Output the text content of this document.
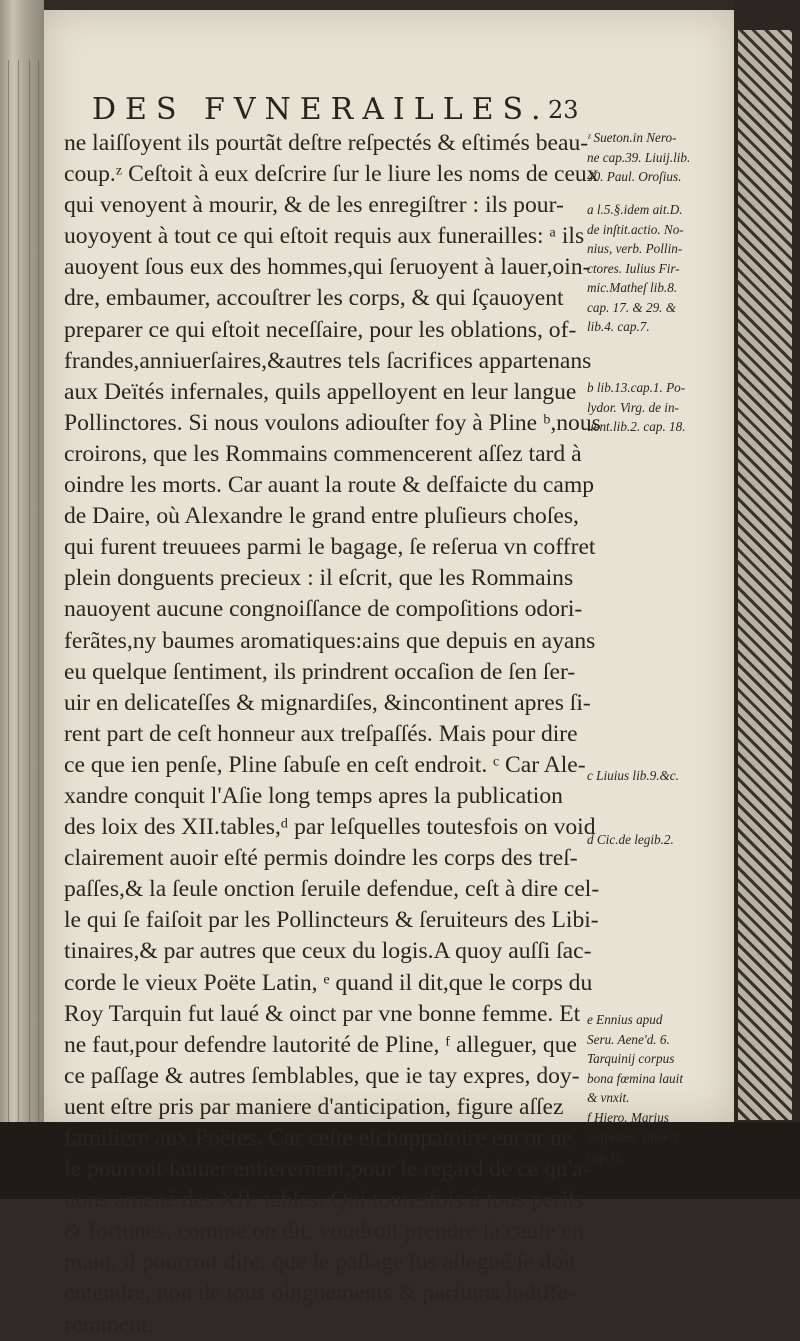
DES FVNERAILLES.
23
ne laiſſoyent ils pourtãt deſtre reſpectés & eſtimés beau-
coup.ᶻ Ceſtoit à eux deſcrire ſur le liure les noms de ceux
qui venoyent à mourir, & de les enregiſtrer : ils pour-
uoyoyent à tout ce qui eſtoit requis aux funerailles: ᵃ ils
auoyent ſous eux des hommes,qui ſeruoyent à lauer,oin-
dre, embaumer, accouſtrer les corps, & qui ſçauoyent
preparer ce qui eſtoit neceſſaire, pour les oblations, of-
frandes,anniuerſaires,&autres tels ſacrifices appartenans
aux Deïtés infernales, quils appelloyent en leur langue
Pollinctores. Si nous voulons adiouſter foy à Pline ᵇ,nous
croirons, que les Rommains commencerent aſſez tard à
oindre les morts. Car auant la route & deſfaicte du camp
de Daire, où Alexandre le grand entre pluſieurs choſes,
qui furent treuuees parmi le bagage, ſe reſerua vn coffret
plein donguents precieux : il eſcrit, que les Rommains
nauoyent aucune congnoiſſance de compoſitions odori-
ferãtes,ny baumes aromatiques:ains que depuis en ayans
eu quelque ſentiment, ils prindrent occaſion de ſen ſer-
uir en delicateſſes & mignardiſes, &incontinent apres ſi-
rent part de ceſt honneur aux treſpaſſés. Mais pour dire
ce que ien penſe, Pline ſabuſe en ceſt endroit. ᶜ Car Ale-
xandre conquit l'Aſie long temps apres la publication
des loix des XII.tables,ᵈ par leſquelles toutesfois on void
clairement auoir eſté permis doindre les corps des treſ-
paſſes,& la ſeule onction ſeruile defendue, ceſt à dire cel-
le qui ſe faiſoit par les Pollincteurs & ſeruiteurs des Libi-
tinaires,& par autres que ceux du logis.A quoy auſſi ſac-
corde le vieux Poëte Latin, ᵉ quand il dit,que le corps du
Roy Tarquin fut laué & oinct par vne bonne femme. Et
ne faut,pour defendre lautorité de Pline, ᶠ alleguer, que
ce paſſage & autres ſemblables, que ie tay expres, doy-
uent eſtre pris par maniere d'anticipation, figure aſſez
familiere aux Poëtes. Car ceſte eſchappatoire encor ne
le pourroit ſauuer entierement,pour le regard de ce qu'a-
uons amené des XII. tables. Qui toutesfois à tous perils
& fortunes, comme on dit, voudroit prendre ſa cauſe en
main, il pourroit dire, que le paſſage ſus allegué ſe doit
entendre, non de tous oingnements & parfums indiffe-
remment,
ᶻ Sueton.in Nero-
ne cap.39. Liuij.lib.
40. Paul. Oroſius.
a l.5.§.idem ait.D.
de inſtit.actio. No-
nius, verb. Pollin-
ctores. Iulius Fir-
mic.Matheſ lib.8.
cap. 17. & 29. &
lib.4. cap.7.
b lib.13.cap.1. Po-
lydor. Virg. de in-
uent.lib.2. cap. 18.
c Liuius lib.9.&c.
d Cic.de legib.2.
e Ennius apud
Seru. Aene'd. 6.
Tarquinij corpus
bona fœmina lauit
& vnxit.
f Hiero. Marius
miſcellan. liber 3.
cap.1c.
